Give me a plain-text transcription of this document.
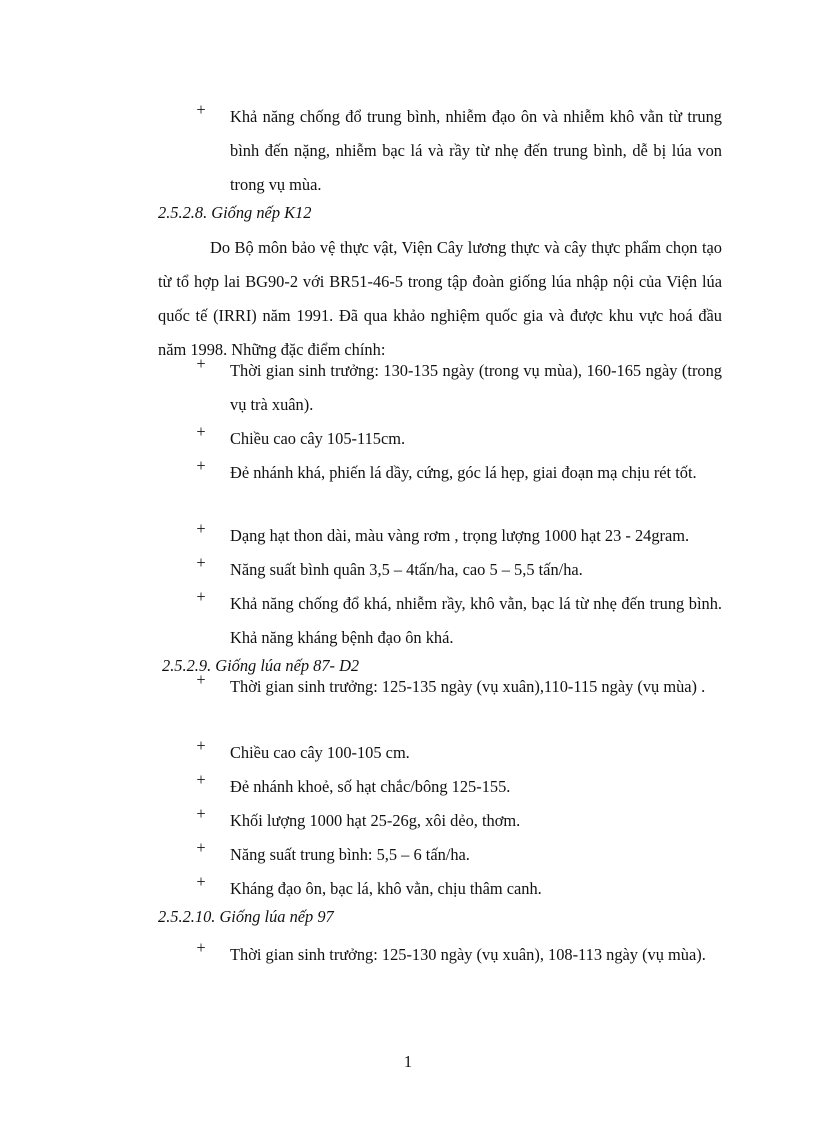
+ Khả năng chống đổ trung bình, nhiễm đạo ôn và nhiễm khô vằn từ trung bình đến nặng, nhiễm bạc lá và rầy từ nhẹ đến trung bình, dễ bị lúa von trong vụ mùa.
2.5.2.8. Giống nếp K12
Do Bộ môn bảo vệ thực vật, Viện Cây lương thực và cây thực phẩm chọn tạo từ tổ hợp lai BG90-2 với BR51-46-5 trong tập đoàn giống lúa nhập nội của Viện lúa quốc tế (IRRI) năm 1991. Đã qua khảo nghiệm quốc gia và được khu vực hoá đầu năm 1998. Những đặc điểm chính:
+ Thời gian sinh trưởng: 130-135 ngày (trong vụ mùa), 160-165 ngày (trong vụ trà xuân).
+ Chiều cao cây 105-115cm.
+ Đẻ nhánh khá, phiến lá dầy, cứng, góc lá hẹp, giai đoạn mạ chịu rét tốt.
+ Dạng hạt thon dài, màu vàng rơm , trọng lượng 1000 hạt 23 - 24gram.
+ Năng suất bình quân 3,5 – 4tấn/ha, cao 5 – 5,5 tấn/ha.
+ Khả năng chống đổ khá, nhiễm rầy, khô vằn, bạc lá từ nhẹ đến trung bình. Khả năng kháng bệnh đạo ôn khá.
2.5.2.9. Giống lúa nếp 87- D2
+ Thời gian sinh trưởng: 125-135 ngày (vụ xuân),110-115 ngày (vụ mùa) .
+ Chiều cao cây 100-105 cm.
+ Đẻ nhánh khoẻ, số hạt chắc/bông 125-155.
+ Khối lượng 1000 hạt 25-26g, xôi dẻo, thơm.
+ Năng suất trung bình: 5,5 – 6 tấn/ha.
+ Kháng đạo ôn, bạc lá, khô vằn, chịu thâm canh.
2.5.2.10. Giống lúa nếp 97
+ Thời gian sinh trưởng: 125-130 ngày (vụ xuân), 108-113 ngày (vụ mùa).
1
